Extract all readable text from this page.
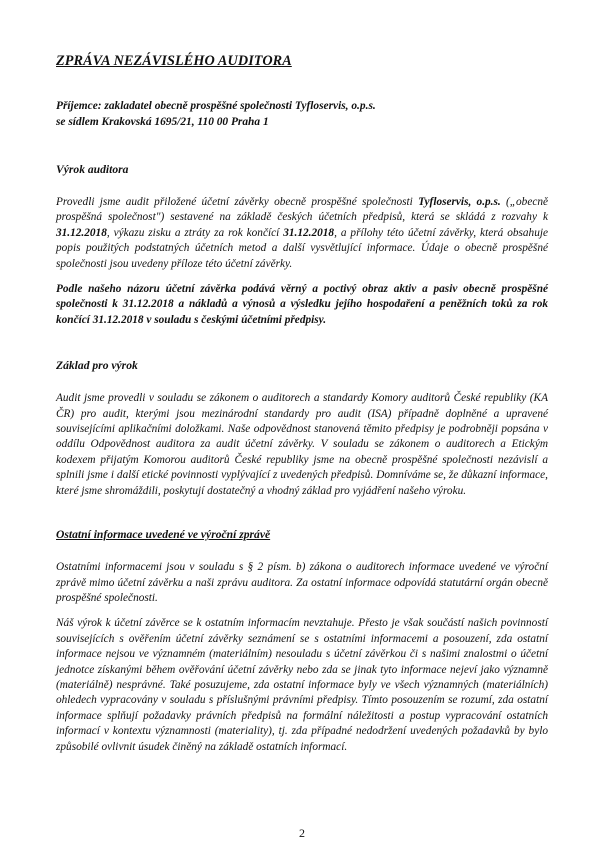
ZPRÁVA NEZÁVISLÉHO AUDITORA
Příjemce: zakladatel obecně prospěšné společnosti Tyfloservis, o.p.s.
se sídlem Krakovská 1695/21, 110 00 Praha 1
Výrok auditora

Provedli jsme audit přiložené účetní závěrky obecně prospěšné společnosti Tyfloservis, o.p.s. („obecně prospěšná společnost") sestavené na základě českých účetních předpisů, která se skládá z rozvahy k 31.12.2018, výkazu zisku a ztráty za rok končící 31.12.2018, a přílohy této účetní závěrky, která obsahuje popis použitých podstatných účetních metod a další vysvětlující informace. Údaje o obecně prospěšné společnosti jsou uvedeny příloze této účetní závěrky.

Podle našeho názoru účetní závěrka podává věrný a poctivý obraz aktiv a pasiv obecně prospěšné společnosti k 31.12.2018 a nákladů a výnosů a výsledku jejího hospodaření a peněžních toků za rok končící 31.12.2018 v souladu s českými účetními předpisy.

Základ pro výrok

Audit jsme provedli v souladu se zákonem o auditorech a standardy Komory auditorů České republiky (KA ČR) pro audit, kterými jsou mezinárodní standardy pro audit (ISA) případně doplněné a upravené souvisejícími aplikačními doložkami. Naše odpovědnost stanovená těmito předpisy je podrobněji popsána v oddílu Odpovědnost auditora za audit účetní závěrky. V souladu se zákonem o auditorech a Etickým kodexem přijatým Komorou auditorů České republiky jsme na obecně prospěšné společnosti nezávislí a splnili jsme i další etické povinnosti vyplývající z uvedených předpisů. Domníváme se, že důkazní informace, které jsme shromáždili, poskytují dostatečný a vhodný základ pro vyjádření našeho výroku.

Ostatní informace uvedené ve výroční zprávě

Ostatními informacemi jsou v souladu s § 2 písm. b) zákona o auditorech informace uvedené ve výroční zprávě mimo účetní závěrku a naši zprávu auditora. Za ostatní informace odpovídá statutární orgán obecně prospěšné společnosti.

Náš výrok k účetní závěrce se k ostatním informacím nevztahuje. Přesto je však součástí našich povinností souvisejících s ověřením účetní závěrky seznámení se s ostatními informacemi a posouzení, zda ostatní informace nejsou ve významném (materiálním) nesouladu s účetní závěrkou či s našimi znalostmi o účetní jednotce získanými během ověřování účetní závěrky nebo zda se jinak tyto informace nejeví jako významně (materiálně) nesprávné. Také posuzujeme, zda ostatní informace byly ve všech významných (materiálních) ohledech vypracovány v souladu s příslušnými právními předpisy. Tímto posouzením se rozumí, zda ostatní informace splňují požadavky právních předpisů na formální náležitosti a postup vypracování ostatních informací v kontextu významnosti (materiality), tj. zda případné nedodržení uvedených požadavků by bylo způsobilé ovlivnit úsudek činěný na základě ostatních informací.

2
